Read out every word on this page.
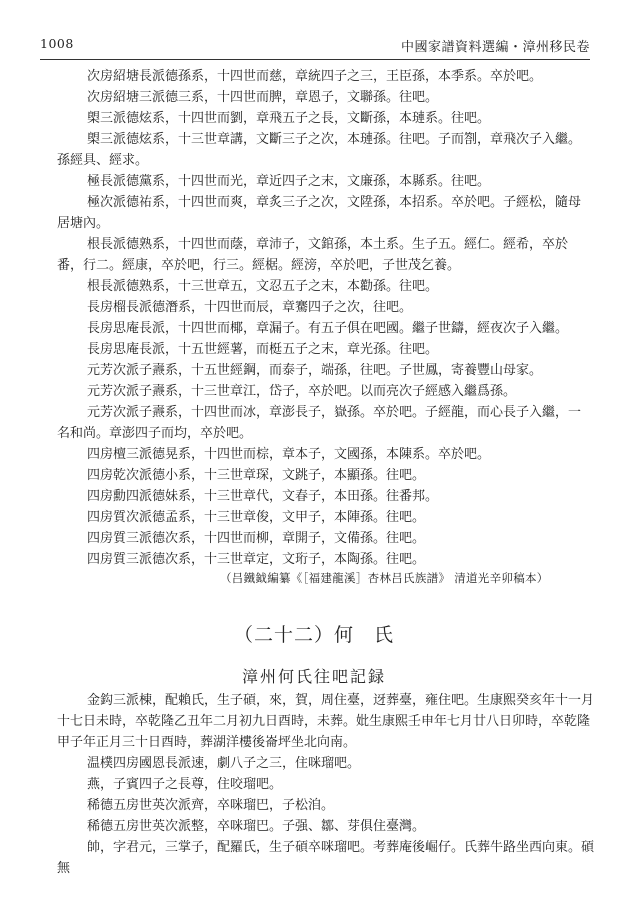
1008	中國家譜資料選編・漳州移民卷

次房紹塘長派德孫系，十四世而慈，章統四子之三，王臣孫，本季系。卒於吧。

次房紹塘三派德三系，十四世而脾，章恩子，文聯孫。往吧。

㮾三派德炫系，十四世而劉，章飛五子之長，文斷孫，本璉系。往吧。

㮾三派德炫系，十三世章講，文斷三子之次，本璉孫。往吧。子而劄，章飛次子入繼。孫經具、經求。

極長派德黨系，十四世而光，章近四子之末，文廉孫，本縣系。往吧。

極次派德祐系，十四世而爽，章炙三子之次，文陞孫，本招系。卒於吧。子經松，隨母居塘內。

根長派德熟系，十四世而蔭，章沛子，文錧孫，本土系。生子五。經仁。經希，卒於番，行二。經康，卒於吧，行三。經椐。經滂，卒於吧，子世茂乞養。

根長派德熟系，十三世章五，文忍五子之末，本勸孫。往吧。

長房榴長派德潛系，十四世而辰，章騫四子之次，往吧。

長房思庵長派，十四世而椰，章漏子。有五子俱在吧國。繼子世鑄，經夜次子入繼。

長房思庵長派，十五世經薯，而梃五子之末，章光孫。往吧。

元芳次派子燾系，十五世經鋼，而泰子，端孫，往吧。子世鳳，寄養豐山母家。

元芳次派子燾系，十三世章江，岱子，卒於吧。以而亮次子經感入繼爲孫。

元芳次派子燾系，十四世而冰，章澎長子，嶽孫。卒於吧。子經龍，而心長子入繼，一名和尚。章澎四子而均，卒於吧。

四房檀三派德晃系，十四世而棕，章本子，文國孫，本陳系。卒於吧。

四房乾次派德小系，十三世章琛，文跳子，本顯孫。往吧。

四房勳四派德妹系，十三世章代，文春子，本田孫。往番邦。

四房質次派德孟系，十三世章俊，文甲子，本陣孫。往吧。

四房質三派德次系，十四世而柳，章開子，文備孫。往吧。

四房質三派德次系，十三世章定，文珩子，本陶孫。往吧。

（吕鐵鉞編纂《［福建龍溪］杏林吕氏族譜》 清道光辛卯稿本）
（二十二）何　氏
漳州何氏往吧記録

金鈎三派棟，配賴氏，生子碩，來，賀，周住臺，迓葬臺，雍住吧。生康熙癸亥年十一月十七日未時，卒乾隆乙丑年二月初九日酉時，未葬。妣生康熙壬申年七月廿八日卯時，卒乾隆甲子年正月三十日酉時，葬湖洋樓後崙坪坐北向南。

温樸四房國恩長派速，劇八子之三，住咪瑠吧。

燕，子賓四子之長尊，住咬瑠吧。

稀德五房世英次派齊，卒咪瑠巴，子松洎。

稀德五房世英次派整，卒咪瑠巴。子强、鄒、芽俱住臺灣。

帥，字君元，三掌子，配羅氏，生子碩卒咪瑠吧。考葬庵後崛仔。氏葬牛路坐西向東。碩無
